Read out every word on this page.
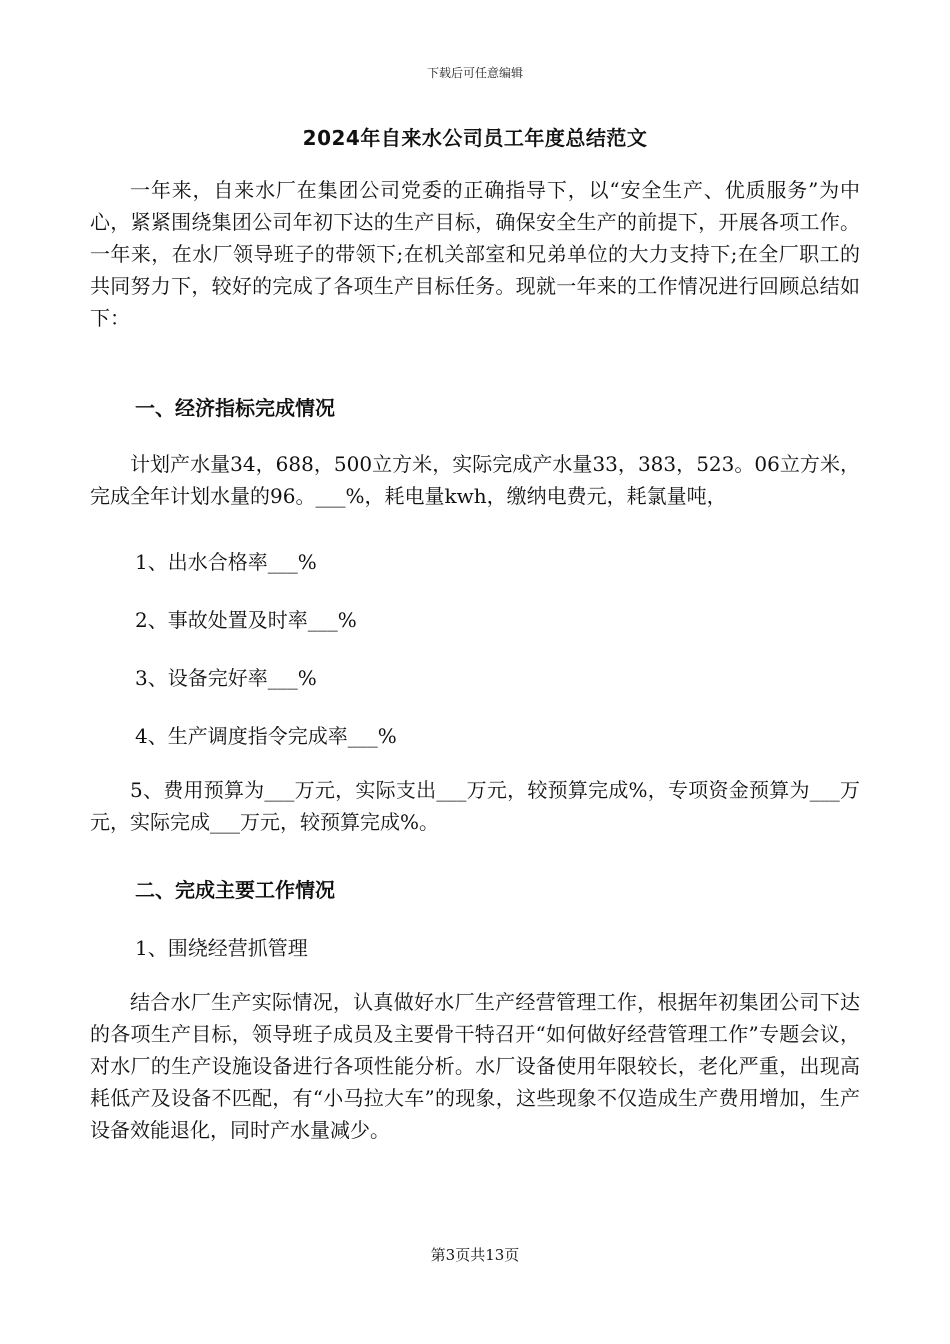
下载后可任意编辑
2024年自来水公司员工年度总结范文

一年来，自来水厂在集团公司党委的正确指导下，以“安全生产、优质服务”为中心，紧紧围绕集团公司年初下达的生产目标，确保安全生产的前提下，开展各项工作。一年来，在水厂领导班子的带领下;在机关部室和兄弟单位的大力支持下;在全厂职工的共同努力下，较好的完成了各项生产目标任务。现就一年来的工作情况进行回顾总结如下：

一、经济指标完成情况

计划产水量34，688，500立方米，实际完成产水量33，383，523。06立方米，完成全年计划水量的96。___%，耗电量kwh，缴纳电费元，耗氯量吨，

1、出水合格率___%

2、事故处置及时率___%

3、设备完好率___%

4、生产调度指令完成率___%

5、费用预算为___万元，实际支出___万元，较预算完成%，专项资金预算为___万元，实际完成___万元，较预算完成%。

二、完成主要工作情况

1、围绕经营抓管理

结合水厂生产实际情况，认真做好水厂生产经营管理工作，根据年初集团公司下达的各项生产目标，领导班子成员及主要骨干特召开“如何做好经营管理工作”专题会议，对水厂的生产设施设备进行各项性能分析。水厂设备使用年限较长，老化严重，出现高耗低产及设备不匹配，有“小马拉大车”的现象，这些现象不仅造成生产费用增加，生产设备效能退化，同时产水量减少。

第3页共13页
